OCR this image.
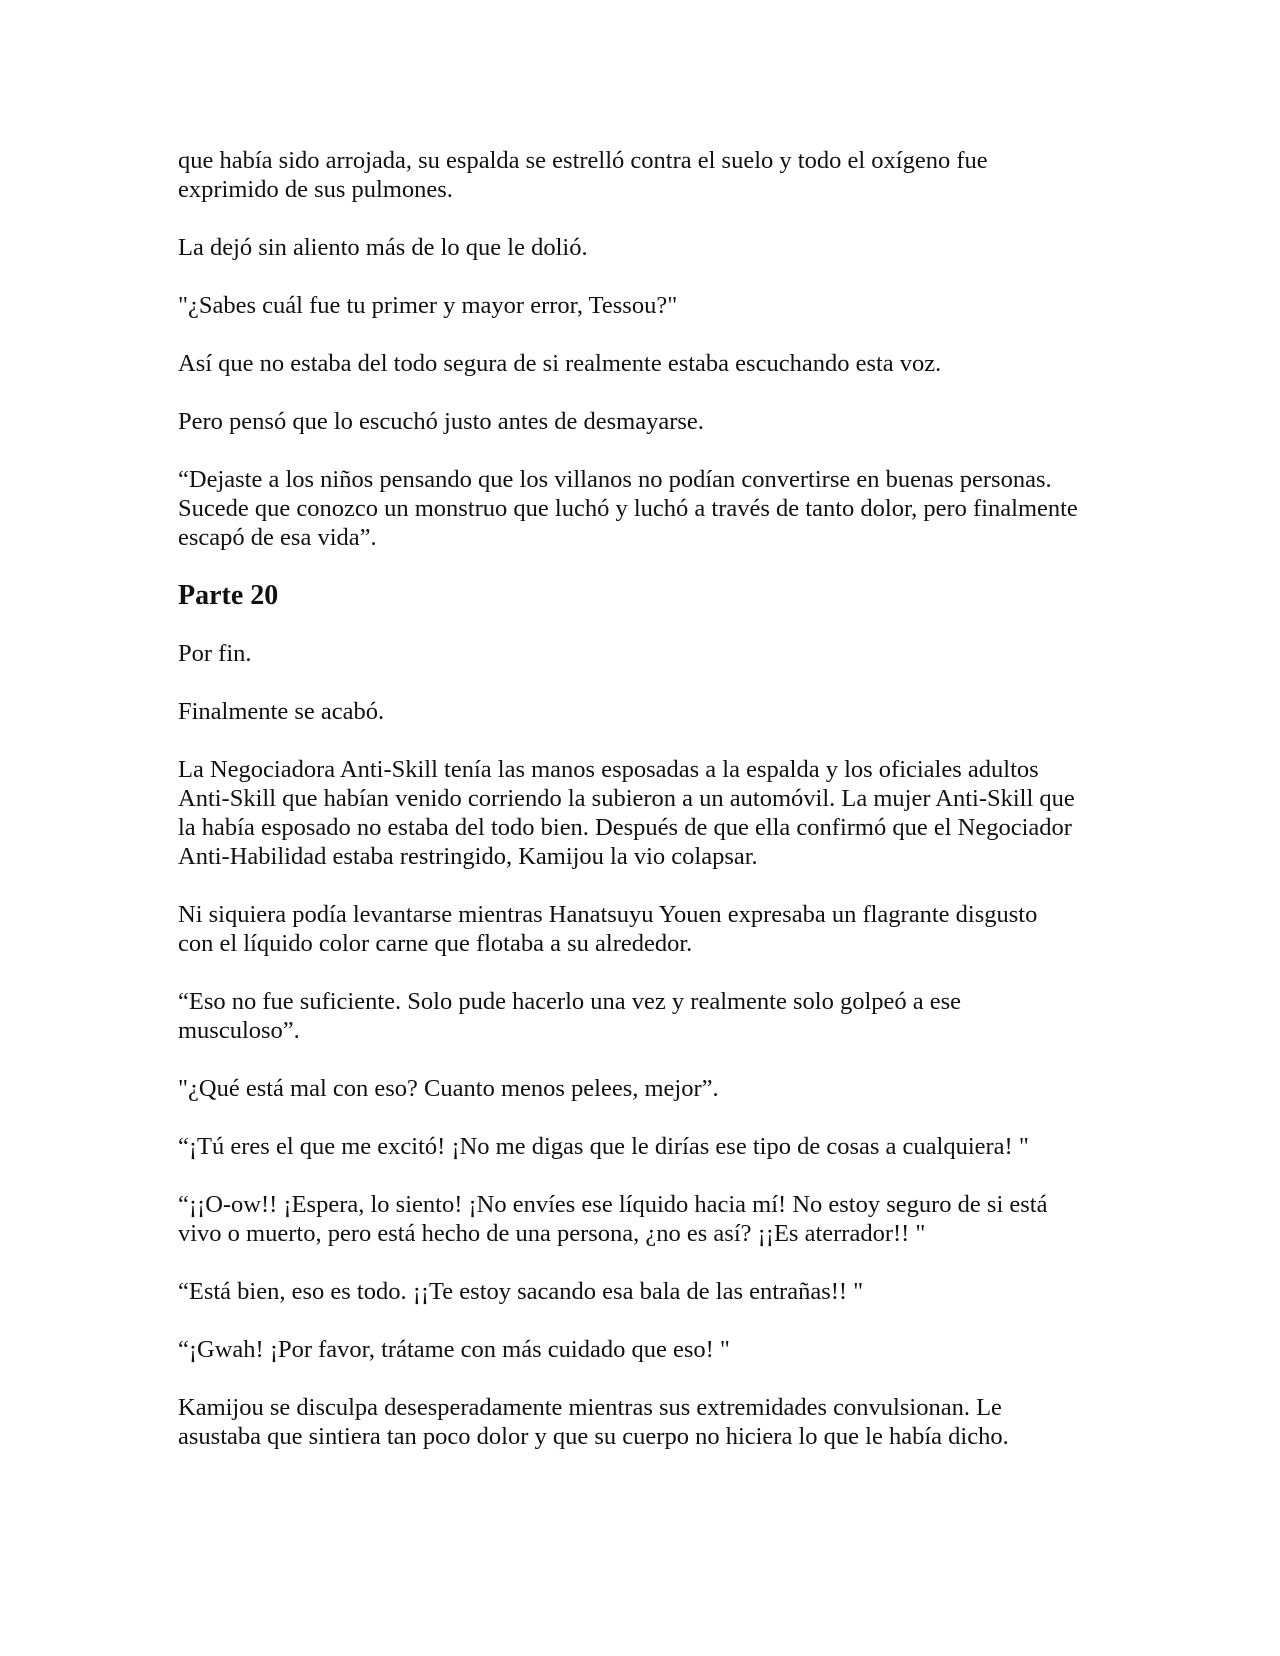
que había sido arrojada, su espalda se estrelló contra el suelo y todo el oxígeno fue
exprimido de sus pulmones.

La dejó sin aliento más de lo que le dolió.

"¿Sabes cuál fue tu primer y mayor error, Tessou?"

Así que no estaba del todo segura de si realmente estaba escuchando esta voz.

Pero pensó que lo escuchó justo antes de desmayarse.

“Dejaste a los niños pensando que los villanos no podían convertirse en buenas personas.
Sucede que conozco un monstruo que luchó y luchó a través de tanto dolor, pero finalmente
escapó de esa vida”.

Parte 20

Por fin.

Finalmente se acabó.

La Negociadora Anti-Skill tenía las manos esposadas a la espalda y los oficiales adultos
Anti-Skill que habían venido corriendo la subieron a un automóvil. La mujer Anti-Skill que
la había esposado no estaba del todo bien. Después de que ella confirmó que el Negociador
Anti-Habilidad estaba restringido, Kamijou la vio colapsar.

Ni siquiera podía levantarse mientras Hanatsuyu Youen expresaba un flagrante disgusto
con el líquido color carne que flotaba a su alrededor.

“Eso no fue suficiente. Solo pude hacerlo una vez y realmente solo golpeó a ese
musculoso”.

"¿Qué está mal con eso? Cuanto menos pelees, mejor”.

“¡Tú eres el que me excitó! ¡No me digas que le dirías ese tipo de cosas a cualquiera! "

“¡¡O-ow!! ¡Espera, lo siento! ¡No envíes ese líquido hacia mí! No estoy seguro de si está
vivo o muerto, pero está hecho de una persona, ¿no es así? ¡¡Es aterrador!! "

“Está bien, eso es todo. ¡¡Te estoy sacando esa bala de las entrañas!! "

“¡Gwah! ¡Por favor, trátame con más cuidado que eso! "

Kamijou se disculpa desesperadamente mientras sus extremidades convulsionan. Le
asustaba que sintiera tan poco dolor y que su cuerpo no hiciera lo que le había dicho.
